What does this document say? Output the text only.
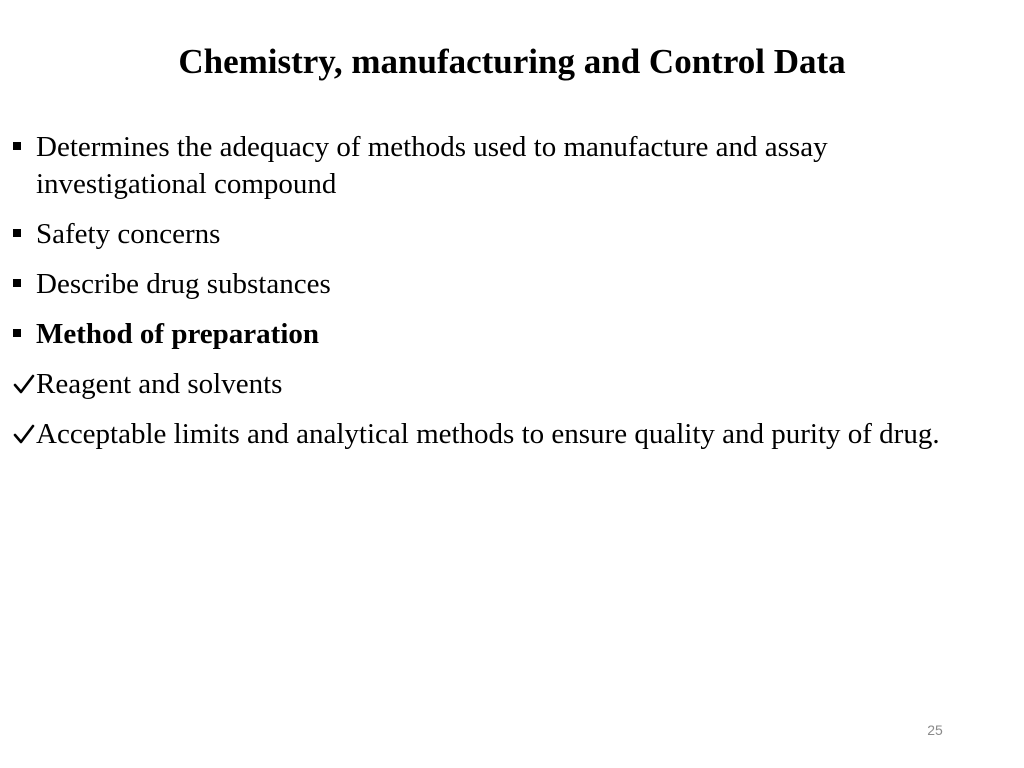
Chemistry, manufacturing and Control Data
Determines the adequacy of methods used to manufacture and assay investigational compound
Safety concerns
Describe drug substances
Method of preparation
Reagent and solvents
Acceptable limits and analytical methods to ensure quality and purity of drug.
25
